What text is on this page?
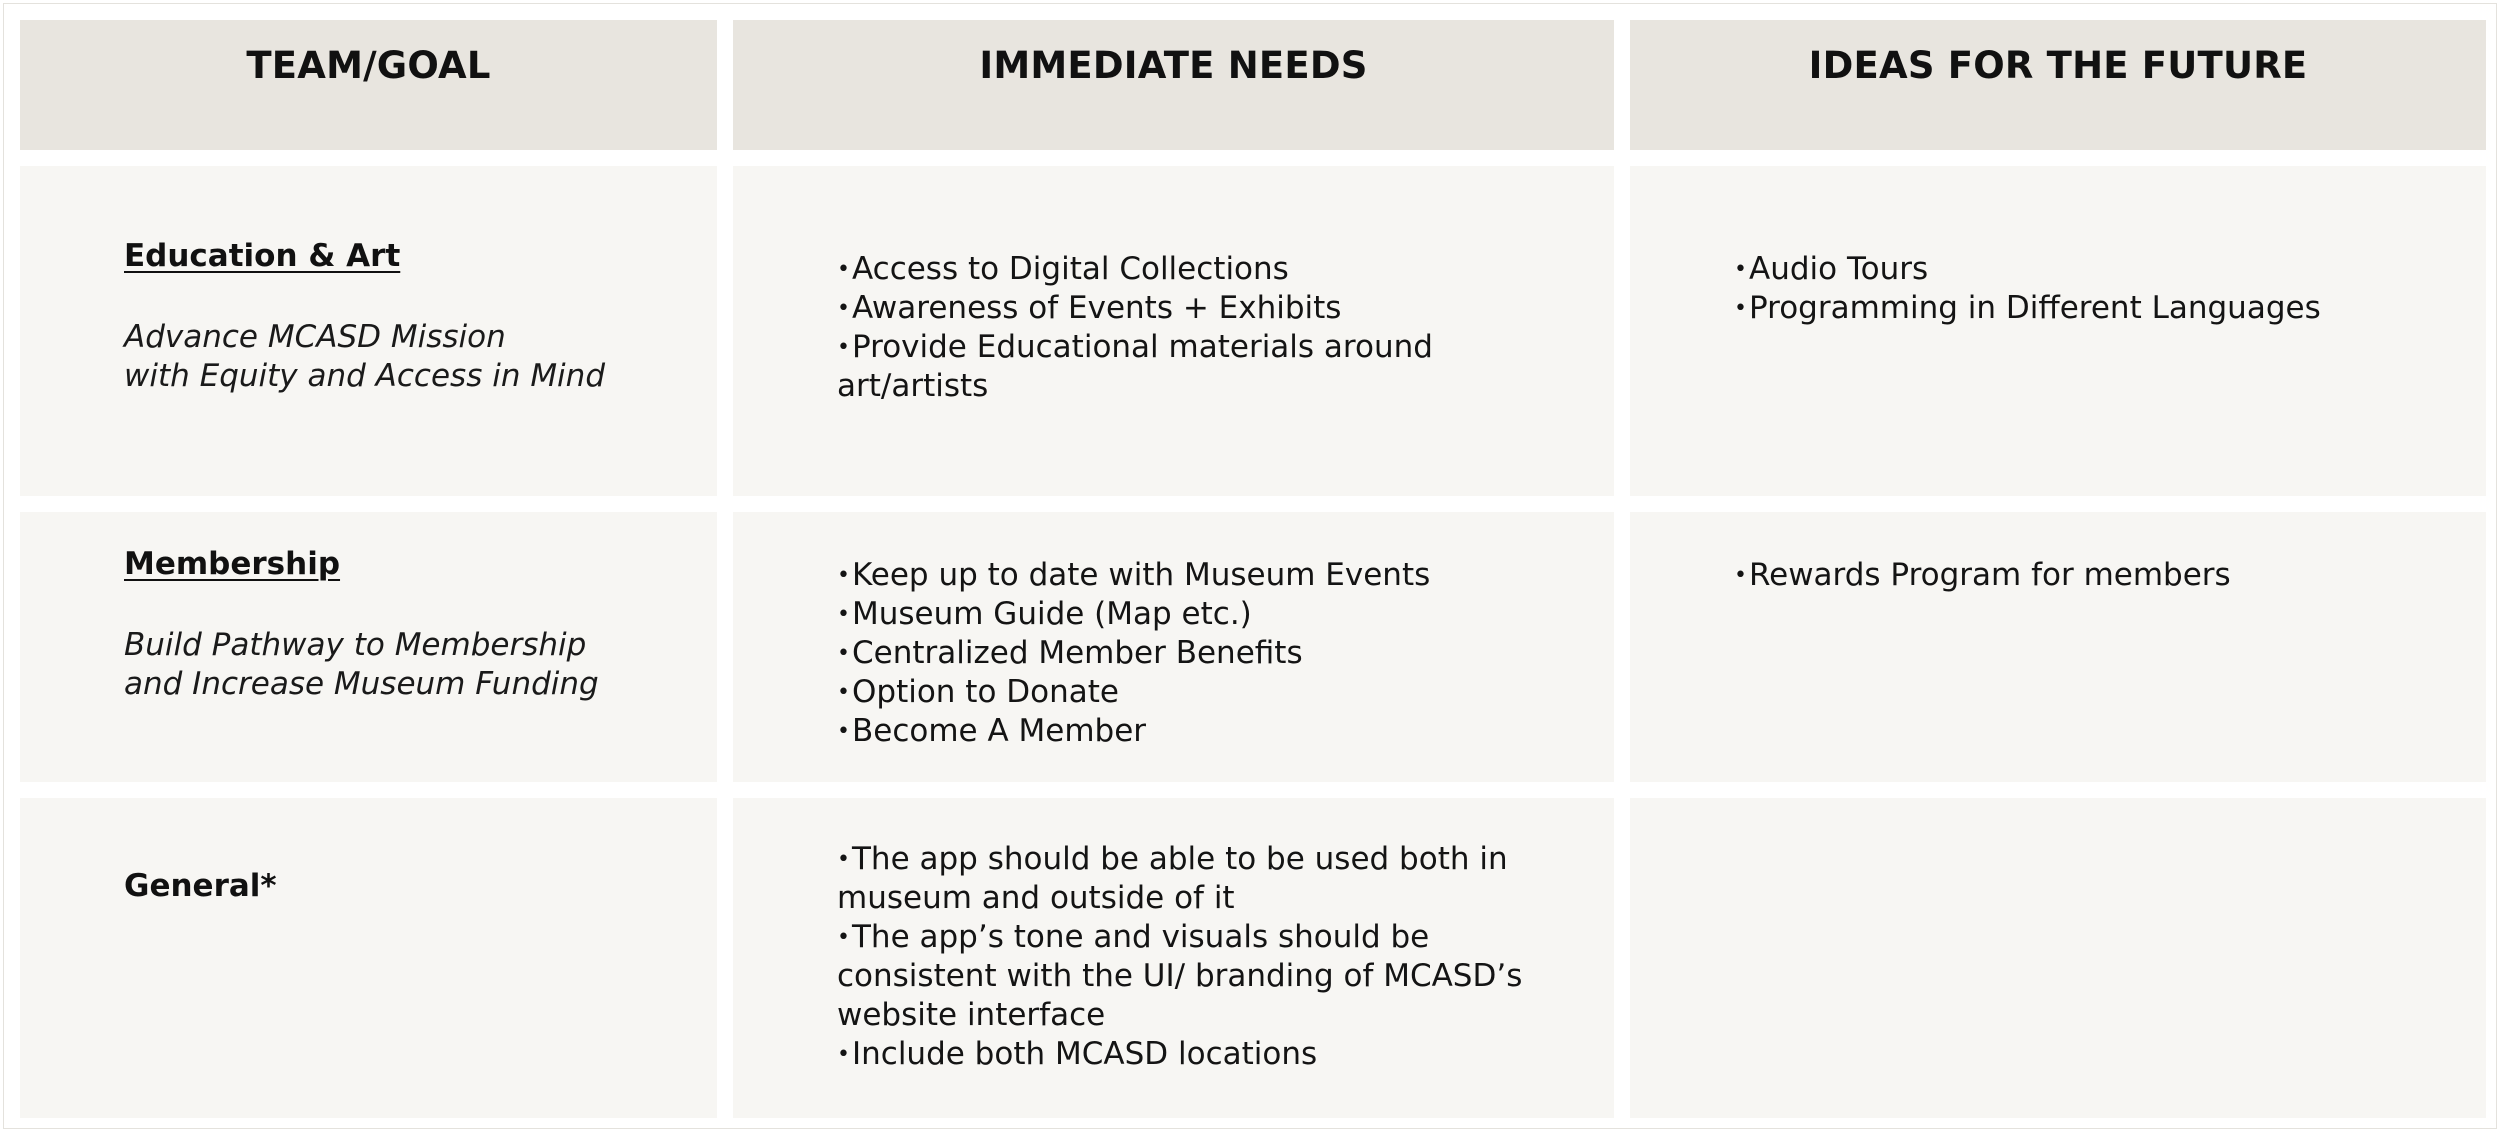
TEAM/GOAL	IMMEDIATE NEEDS	IDEAS FOR THE FUTURE
Education & Art
Advance MCASD Mission
with Equity and Access in Mind
•Access to Digital Collections
•Awareness of Events + Exhibits
•Provide Educational materials around art/artists
•Audio Tours
•Programming in Different Languages
Membership
Build Pathway to Membership
and Increase Museum Funding
•Keep up to date with Museum Events
•Museum Guide (Map etc.)
•Centralized Member Benefits
•Option to Donate
•Become A Member
•Rewards Program for members
General*
•The app should be able to be used both in museum and outside of it
•The app’s tone and visuals should be consistent with the UI/ branding of MCASD’s website interface
•Include both MCASD locations
